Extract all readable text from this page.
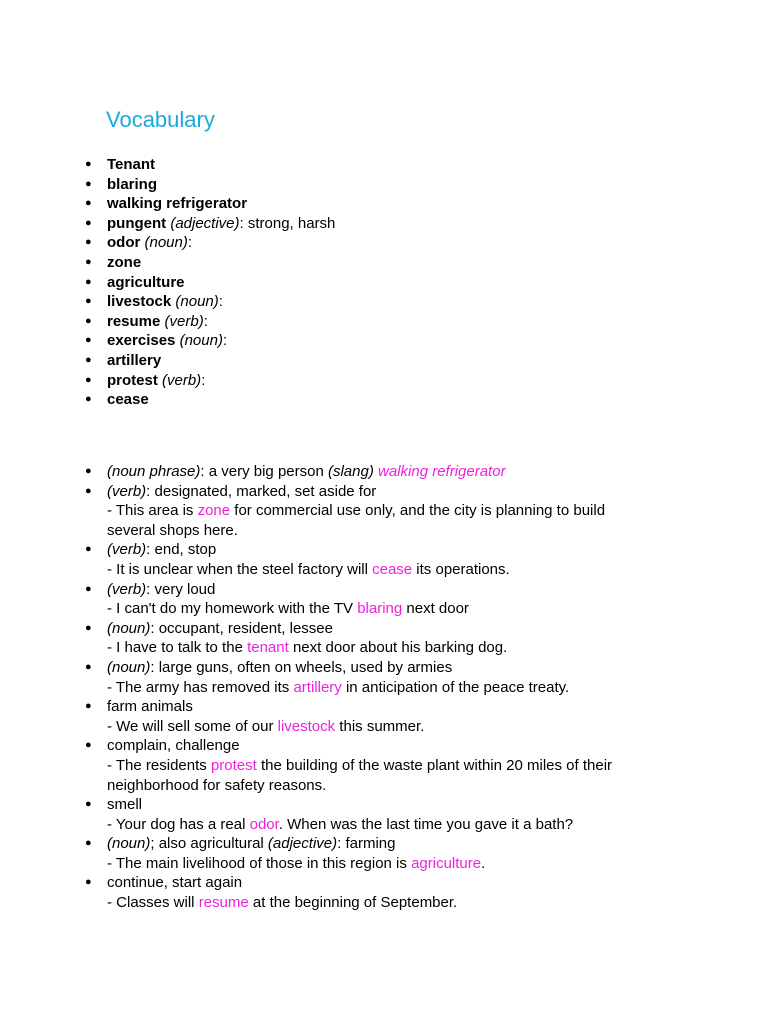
Vocabulary
● Tenant
● blaring
● walking refrigerator
● pungent (adjective): strong, harsh
● odor (noun):
● zone
● agriculture
● livestock (noun):
● resume (verb):
● exercises (noun):
● artillery
● protest (verb):
● cease
● (noun phrase): a very big person (slang) walking refrigerator
● (verb): designated, marked, set aside for
- This area is zone for commercial use only, and the city is planning to build
several shops here.
● (verb): end, stop
- It is unclear when the steel factory will cease its operations.
● (verb): very loud
- I can't do my homework with the TV blaring next door
● (noun): occupant, resident, lessee
- I have to talk to the tenant next door about his barking dog.
● (noun): large guns, often on wheels, used by armies
- The army has removed its artillery in anticipation of the peace treaty.
● farm animals
- We will sell some of our livestock this summer.
● complain, challenge
- The residents protest the building of the waste plant within 20 miles of their
neighborhood for safety reasons.
● smell
- Your dog has a real odor. When was the last time you gave it a bath?
● (noun); also agricultural (adjective): farming
- The main livelihood of those in this region is agriculture.
● continue, start again
- Classes will resume at the beginning of September.
